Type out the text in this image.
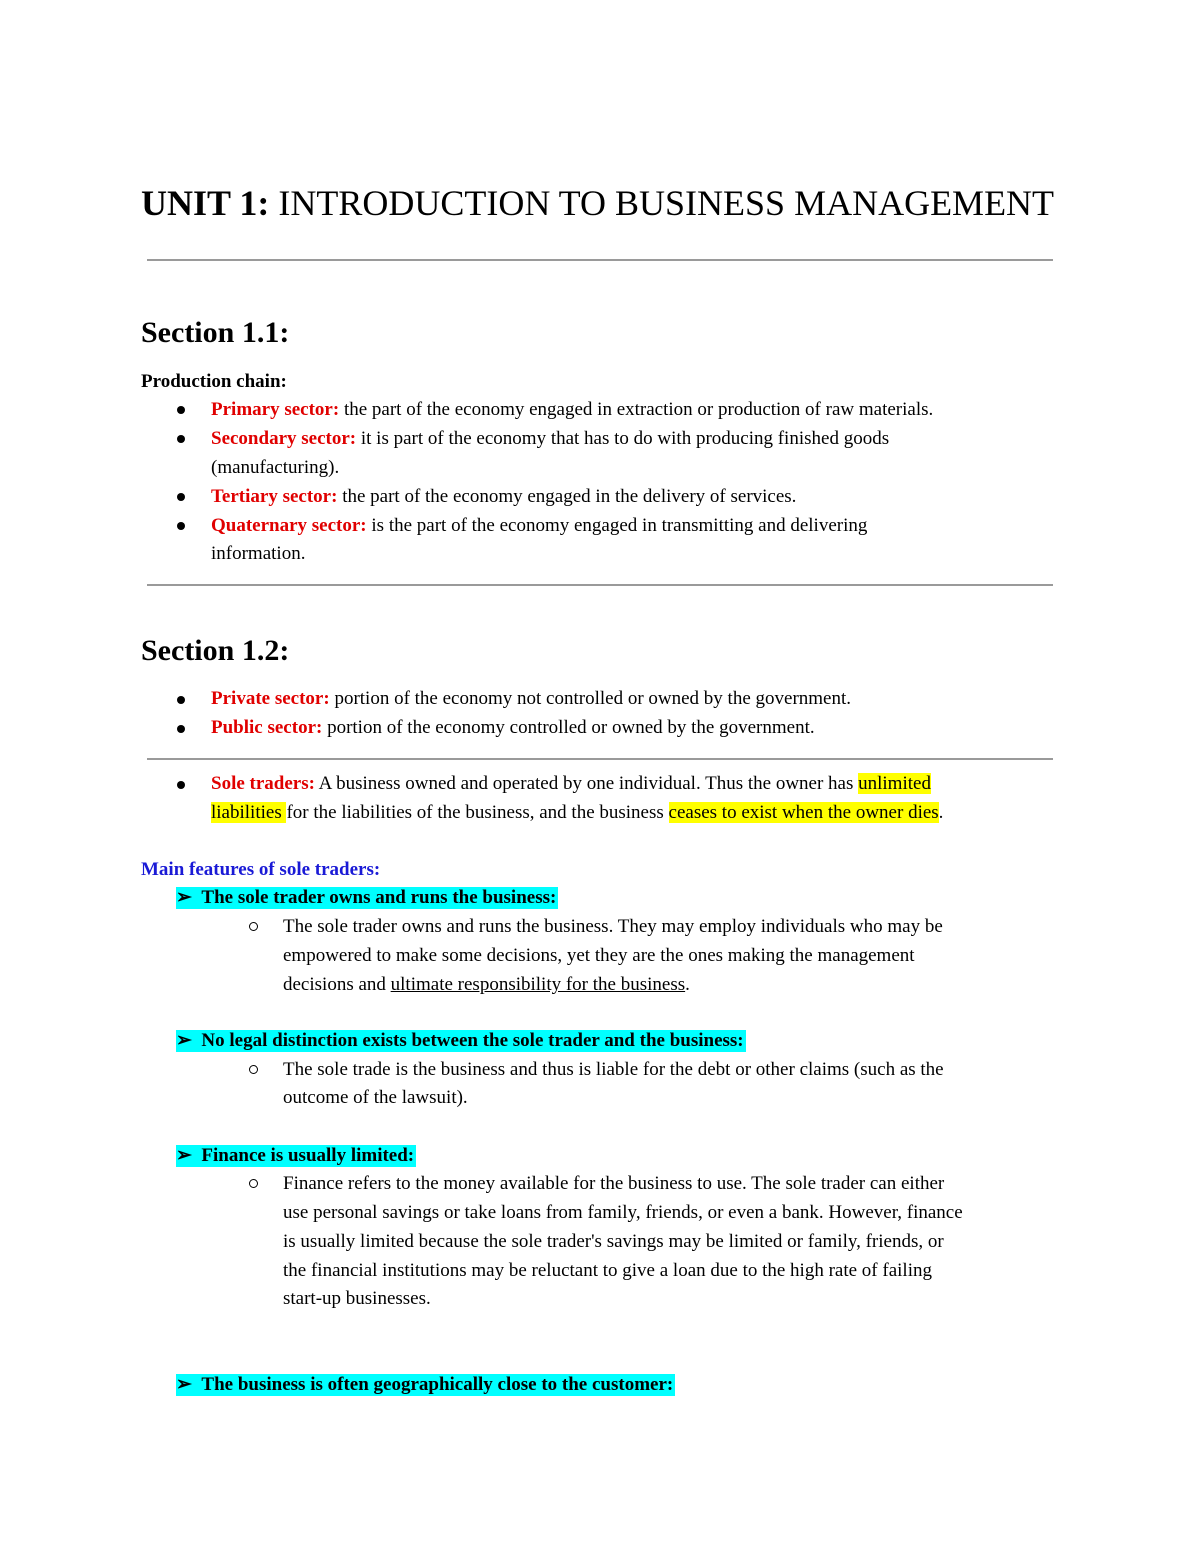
UNIT 1: INTRODUCTION TO BUSINESS MANAGEMENT
Section 1.1:
Production chain:
Primary sector: the part of the economy engaged in extraction or production of raw materials.
Secondary sector: it is part of the economy that has to do with producing finished goods
(manufacturing).
Tertiary sector: the part of the economy engaged in the delivery of services.
Quaternary sector: is the part of the economy engaged in transmitting and delivering
information.
Section 1.2:
Private sector: portion of the economy not controlled or owned by the government.
Public sector: portion of the economy controlled or owned by the government.
Sole traders: A business owned and operated by one individual. Thus the owner has unlimited
liabilities for the liabilities of the business, and the business ceases to exist when the owner dies.
Main features of sole traders:
➢ The sole trader owns and runs the business:
The sole trader owns and runs the business. They may employ individuals who may be
empowered to make some decisions, yet they are the ones making the management
decisions and ultimate responsibility for the business.
➢ No legal distinction exists between the sole trader and the business:
The sole trade is the business and thus is liable for the debt or other claims (such as the
outcome of the lawsuit).
➢ Finance is usually limited:
Finance refers to the money available for the business to use. The sole trader can either
use personal savings or take loans from family, friends, or even a bank. However, finance
is usually limited because the sole trader's savings may be limited or family, friends, or
the financial institutions may be reluctant to give a loan due to the high rate of failing
start-up businesses.
➢ The business is often geographically close to the customer:
